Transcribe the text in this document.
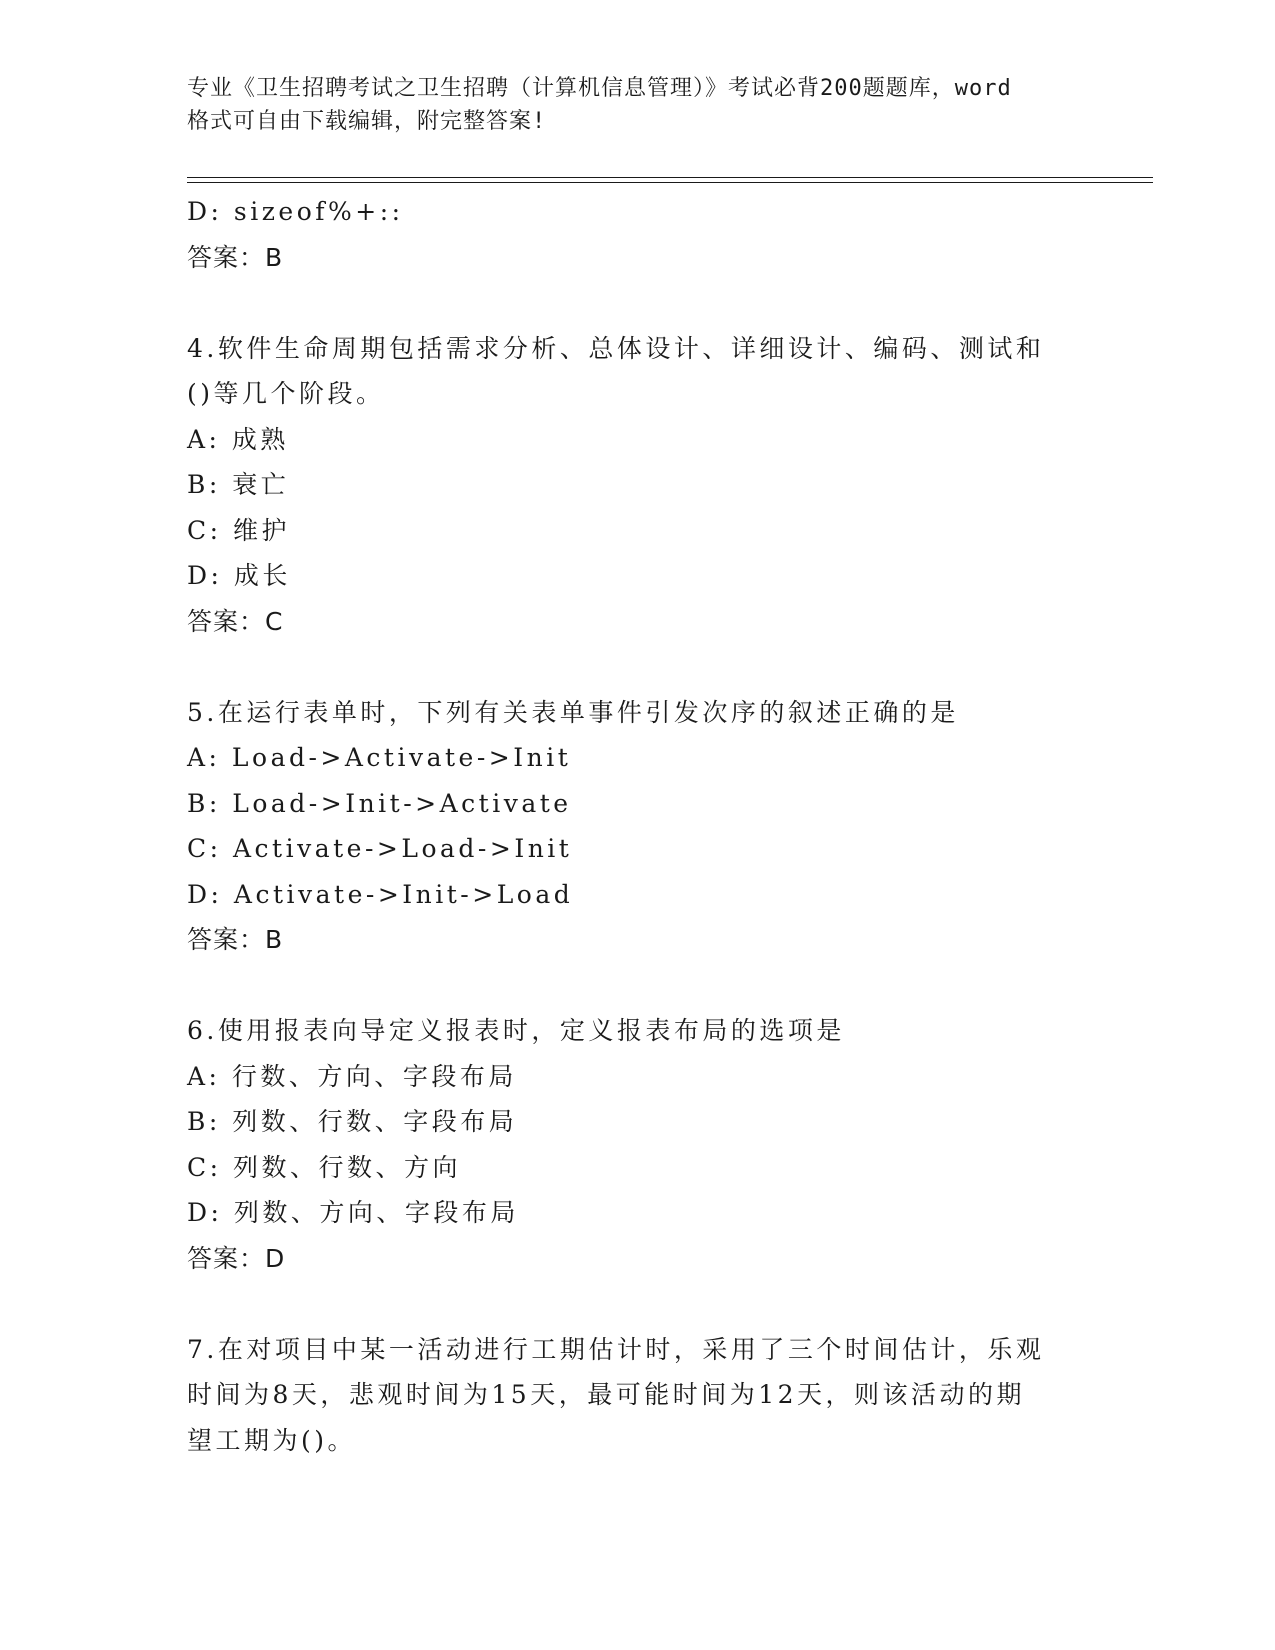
专业《卫生招聘考试之卫生招聘（计算机信息管理）》考试必背200题题库，word
格式可自由下载编辑，附完整答案!
D: sizeof%+::
答案：B
4.软件生命周期包括需求分析、总体设计、详细设计、编码、测试和
()等几个阶段。
A: 成熟
B: 衰亡
C: 维护
D: 成长
答案：C
5.在运行表单时，下列有关表单事件引发次序的叙述正确的是
A: Load->Activate->Init
B: Load->Init->Activate
C: Activate->Load->Init
D: Activate->Init->Load
答案：B
6.使用报表向导定义报表时，定义报表布局的选项是
A: 行数、方向、字段布局
B: 列数、行数、字段布局
C: 列数、行数、方向
D: 列数、方向、字段布局
答案：D
7.在对项目中某一活动进行工期估计时，采用了三个时间估计，乐观
时间为8天，悲观时间为15天，最可能时间为12天，则该活动的期
望工期为()。
